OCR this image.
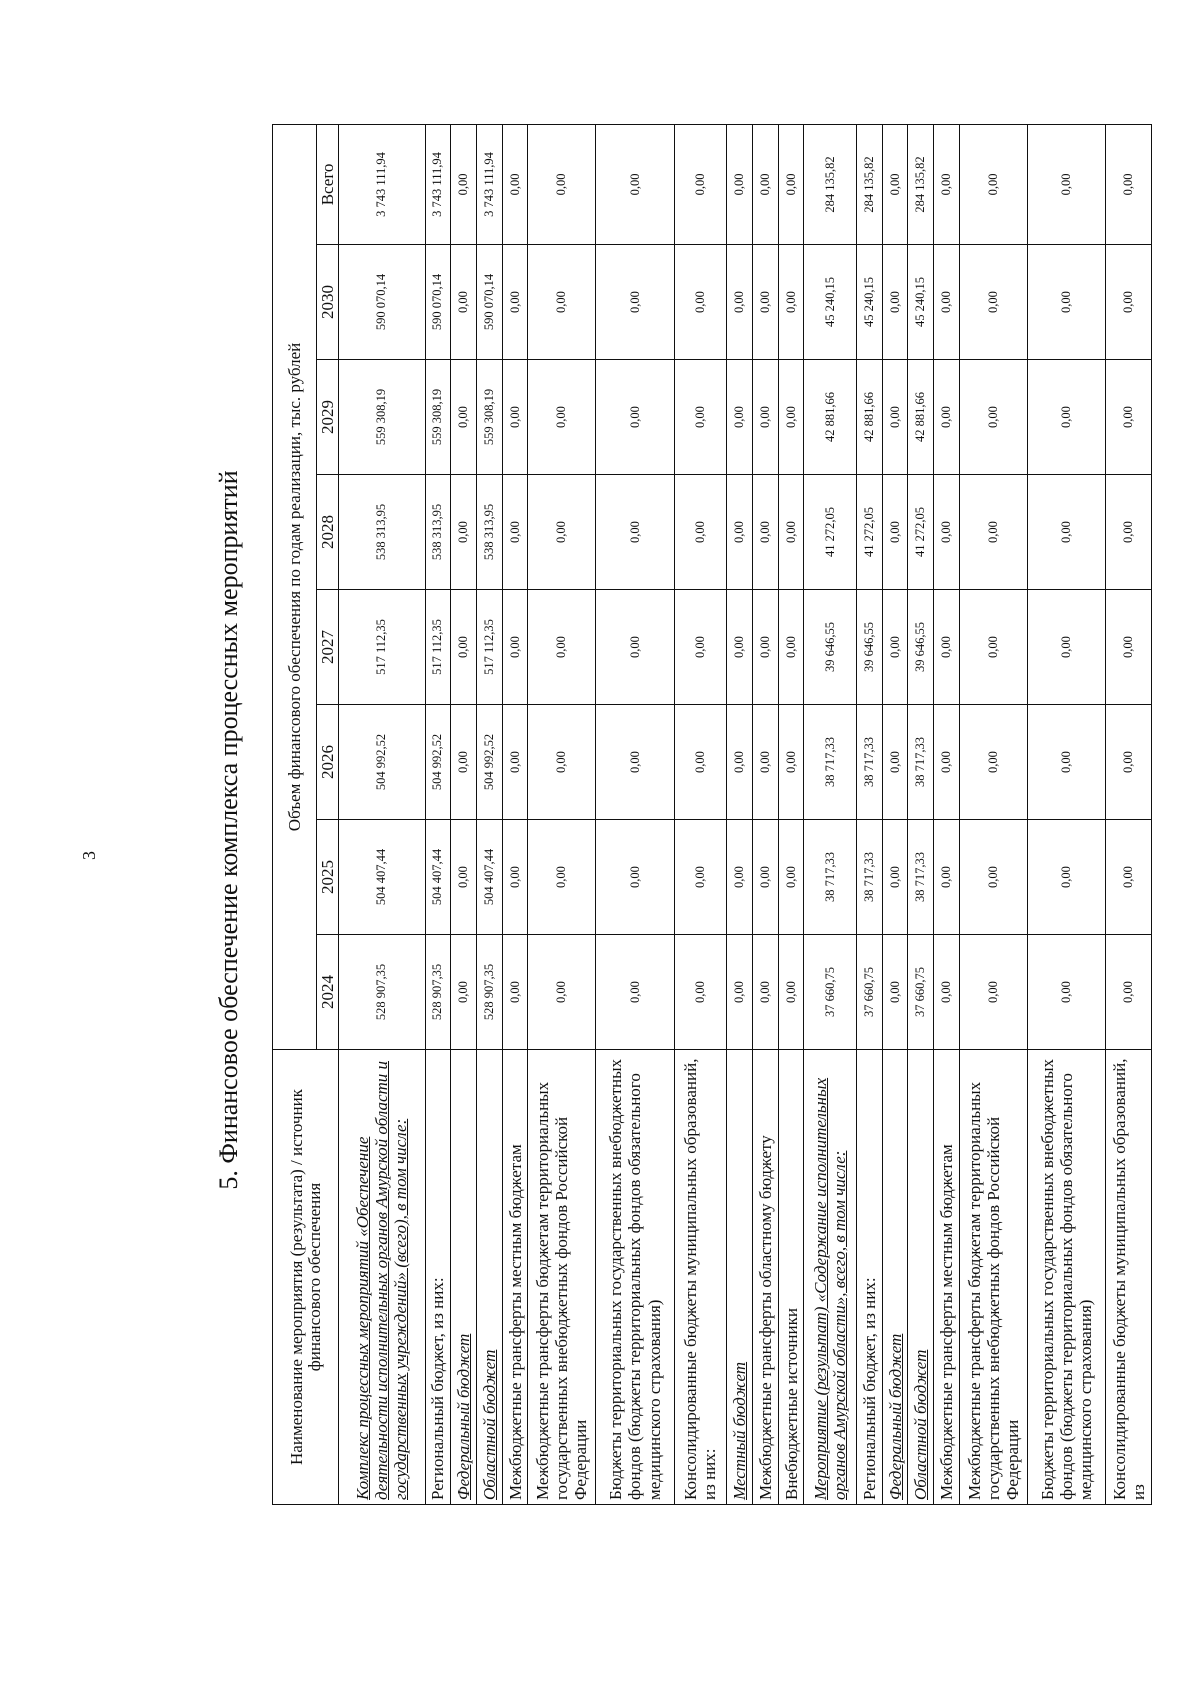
3	5. Финансовое обеспечение комплекса процессных мероприятий
Наименование мероприятия (результата) / источник финансового обеспечения	Объем финансового обеспечения по годам реализации, тыс. рублей							
	2024	2025	2026	2027	2028	2029	2030	Всего
Комплекс процессных мероприятий «Обеспечение деятельности исполнительных органов Амурской области и государственных учреждений» (всего), в том числе:	528 907,35	504 407,44	504 992,52	517 112,35	538 313,95	559 308,19	590 070,14	3 743 111,94
Региональный бюджет, из них:	528 907,35	504 407,44	504 992,52	517 112,35	538 313,95	559 308,19	590 070,14	3 743 111,94
Федеральный бюджет	0,00	0,00	0,00	0,00	0,00	0,00	0,00	0,00
Областной бюджет	528 907,35	504 407,44	504 992,52	517 112,35	538 313,95	559 308,19	590 070,14	3 743 111,94
Межбюджетные трансферты местным бюджетам	0,00	0,00	0,00	0,00	0,00	0,00	0,00	0,00
Межбюджетные трансферты бюджетам территориальных государственных внебюджетных фондов Российской Федерации	0,00	0,00	0,00	0,00	0,00	0,00	0,00	0,00
Бюджеты территориальных государственных внебюджетных фондов (бюджеты территориальных фондов обязательного медицинского страхования)	0,00	0,00	0,00	0,00	0,00	0,00	0,00	0,00
Консолидированные бюджеты муниципальных образований, из них:	0,00	0,00	0,00	0,00	0,00	0,00	0,00	0,00
Местный бюджет	0,00	0,00	0,00	0,00	0,00	0,00	0,00	0,00
Межбюджетные трансферты областному бюджету	0,00	0,00	0,00	0,00	0,00	0,00	0,00	0,00
Внебюджетные источники	0,00	0,00	0,00	0,00	0,00	0,00	0,00	0,00
Мероприятие (результат) «Содержание исполнительных органов Амурской области», всего, в том числе:	37 660,75	38 717,33	38 717,33	39 646,55	41 272,05	42 881,66	45 240,15	284 135,82
Региональный бюджет, из них:	37 660,75	38 717,33	38 717,33	39 646,55	41 272,05	42 881,66	45 240,15	284 135,82
Федеральный бюджет	0,00	0,00	0,00	0,00	0,00	0,00	0,00	0,00
Областной бюджет	37 660,75	38 717,33	38 717,33	39 646,55	41 272,05	42 881,66	45 240,15	284 135,82
Межбюджетные трансферты местным бюджетам	0,00	0,00	0,00	0,00	0,00	0,00	0,00	0,00
Межбюджетные трансферты бюджетам территориальных государственных внебюджетных фондов Российской Федерации	0,00	0,00	0,00	0,00	0,00	0,00	0,00	0,00
Бюджеты территориальных государственных внебюджетных фондов (бюджеты территориальных фондов обязательного медицинского страхования)	0,00	0,00	0,00	0,00	0,00	0,00	0,00	0,00
Консолидированные бюджеты муниципальных образований, из	0,00	0,00	0,00	0,00	0,00	0,00	0,00	0,00
